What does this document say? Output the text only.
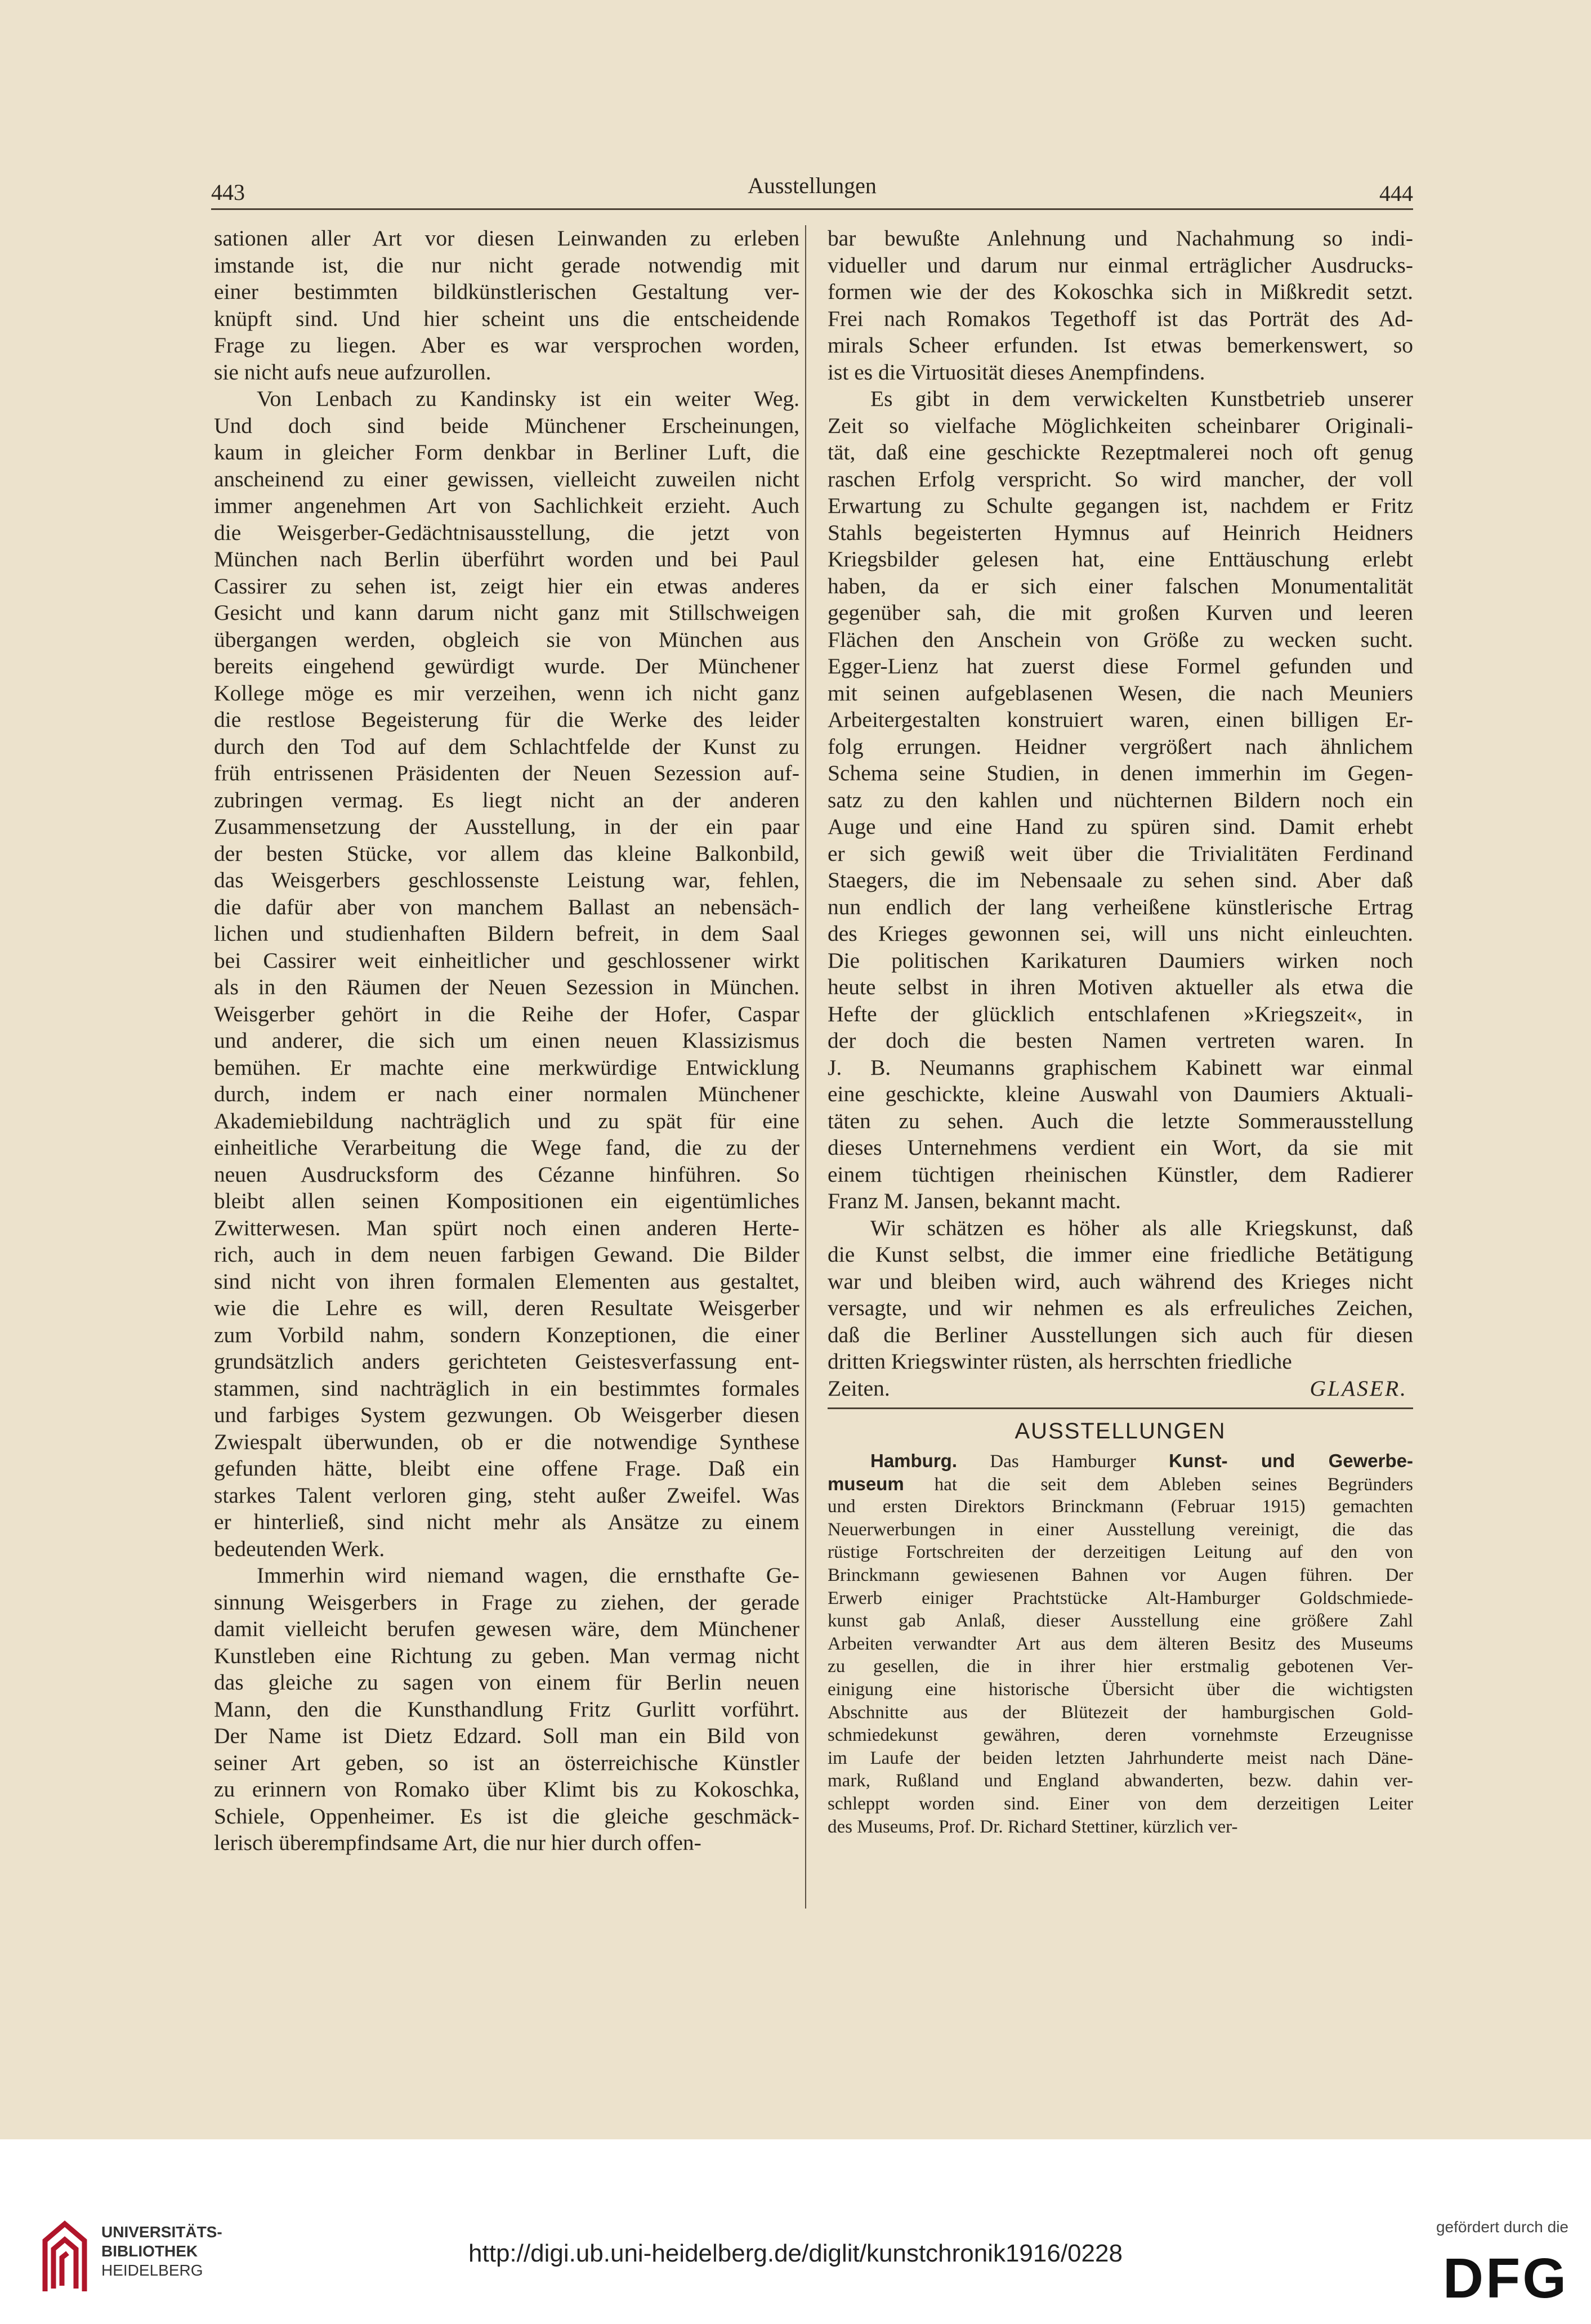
443	Ausstellungen	444
sationen aller Art vor diesen Leinwanden zu erleben
imstande ist, die nur nicht gerade notwendig mit
einer bestimmten bildkünstlerischen Gestaltung ver-
knüpft sind. Und hier scheint uns die entscheidende
Frage zu liegen. Aber es war versprochen worden,
sie nicht aufs neue aufzurollen.
Von Lenbach zu Kandinsky ist ein weiter Weg.
Und doch sind beide Münchener Erscheinungen,
kaum in gleicher Form denkbar in Berliner Luft, die
anscheinend zu einer gewissen, vielleicht zuweilen nicht
immer angenehmen Art von Sachlichkeit erzieht. Auch
die Weisgerber-Gedächtnisausstellung, die jetzt von
München nach Berlin überführt worden und bei Paul
Cassirer zu sehen ist, zeigt hier ein etwas anderes
Gesicht und kann darum nicht ganz mit Stillschweigen
übergangen werden, obgleich sie von München aus
bereits eingehend gewürdigt wurde. Der Münchener
Kollege möge es mir verzeihen, wenn ich nicht ganz
die restlose Begeisterung für die Werke des leider
durch den Tod auf dem Schlachtfelde der Kunst zu
früh entrissenen Präsidenten der Neuen Sezession auf-
zubringen vermag. Es liegt nicht an der anderen
Zusammensetzung der Ausstellung, in der ein paar
der besten Stücke, vor allem das kleine Balkonbild,
das Weisgerbers geschlossenste Leistung war, fehlen,
die dafür aber von manchem Ballast an nebensäch-
lichen und studienhaften Bildern befreit, in dem Saal
bei Cassirer weit einheitlicher und geschlossener wirkt
als in den Räumen der Neuen Sezession in München.
Weisgerber gehört in die Reihe der Hofer, Caspar
und anderer, die sich um einen neuen Klassizismus
bemühen. Er machte eine merkwürdige Entwicklung
durch, indem er nach einer normalen Münchener
Akademiebildung nachträglich und zu spät für eine
einheitliche Verarbeitung die Wege fand, die zu der
neuen Ausdrucksform des Cézanne hinführen. So
bleibt allen seinen Kompositionen ein eigentümliches
Zwitterwesen. Man spürt noch einen anderen Herte-
rich, auch in dem neuen farbigen Gewand. Die Bilder
sind nicht von ihren formalen Elementen aus gestaltet,
wie die Lehre es will, deren Resultate Weisgerber
zum Vorbild nahm, sondern Konzeptionen, die einer
grundsätzlich anders gerichteten Geistesverfassung ent-
stammen, sind nachträglich in ein bestimmtes formales
und farbiges System gezwungen. Ob Weisgerber diesen
Zwiespalt überwunden, ob er die notwendige Synthese
gefunden hätte, bleibt eine offene Frage. Daß ein
starkes Talent verloren ging, steht außer Zweifel. Was
er hinterließ, sind nicht mehr als Ansätze zu einem
bedeutenden Werk.
Immerhin wird niemand wagen, die ernsthafte Ge-
sinnung Weisgerbers in Frage zu ziehen, der gerade
damit vielleicht berufen gewesen wäre, dem Münchener
Kunstleben eine Richtung zu geben. Man vermag nicht
das gleiche zu sagen von einem für Berlin neuen
Mann, den die Kunsthandlung Fritz Gurlitt vorführt.
Der Name ist Dietz Edzard. Soll man ein Bild von
seiner Art geben, so ist an österreichische Künstler
zu erinnern von Romako über Klimt bis zu Kokoschka,
Schiele, Oppenheimer. Es ist die gleiche geschmäck-
lerisch überempfindsame Art, die nur hier durch offen-
bar bewußte Anlehnung und Nachahmung so indi-
vidueller und darum nur einmal erträglicher Ausdrucks-
formen wie der des Kokoschka sich in Mißkredit setzt.
Frei nach Romakos Tegethoff ist das Porträt des Ad-
mirals Scheer erfunden. Ist etwas bemerkenswert, so
ist es die Virtuosität dieses Anempfindens.
Es gibt in dem verwickelten Kunstbetrieb unserer
Zeit so vielfache Möglichkeiten scheinbarer Originali-
tät, daß eine geschickte Rezeptmalerei noch oft genug
raschen Erfolg verspricht. So wird mancher, der voll
Erwartung zu Schulte gegangen ist, nachdem er Fritz
Stahls begeisterten Hymnus auf Heinrich Heidners
Kriegsbilder gelesen hat, eine Enttäuschung erlebt
haben, da er sich einer falschen Monumentalität
gegenüber sah, die mit großen Kurven und leeren
Flächen den Anschein von Größe zu wecken sucht.
Egger-Lienz hat zuerst diese Formel gefunden und
mit seinen aufgeblasenen Wesen, die nach Meuniers
Arbeitergestalten konstruiert waren, einen billigen Er-
folg errungen. Heidner vergrößert nach ähnlichem
Schema seine Studien, in denen immerhin im Gegen-
satz zu den kahlen und nüchternen Bildern noch ein
Auge und eine Hand zu spüren sind. Damit erhebt
er sich gewiß weit über die Trivialitäten Ferdinand
Staegers, die im Nebensaale zu sehen sind. Aber daß
nun endlich der lang verheißene künstlerische Ertrag
des Krieges gewonnen sei, will uns nicht einleuchten.
Die politischen Karikaturen Daumiers wirken noch
heute selbst in ihren Motiven aktueller als etwa die
Hefte der glücklich entschlafenen »Kriegszeit«, in
der doch die besten Namen vertreten waren. In
J. B. Neumanns graphischem Kabinett war einmal
eine geschickte, kleine Auswahl von Daumiers Aktuali-
täten zu sehen. Auch die letzte Sommerausstellung
dieses Unternehmens verdient ein Wort, da sie mit
einem tüchtigen rheinischen Künstler, dem Radierer
Franz M. Jansen, bekannt macht.
Wir schätzen es höher als alle Kriegskunst, daß
die Kunst selbst, die immer eine friedliche Betätigung
war und bleiben wird, auch während des Krieges nicht
versagte, und wir nehmen es als erfreuliches Zeichen,
daß die Berliner Ausstellungen sich auch für diesen
dritten Kriegswinter rüsten, als herrschten friedliche
Zeiten.	GLASER.
AUSSTELLUNGEN
Hamburg. Das Hamburger Kunst- und Gewerbe-
museum hat die seit dem Ableben seines Begründers
und ersten Direktors Brinckmann (Februar 1915) gemachten
Neuerwerbungen in einer Ausstellung vereinigt, die das
rüstige Fortschreiten der derzeitigen Leitung auf den von
Brinckmann gewiesenen Bahnen vor Augen führen. Der
Erwerb einiger Prachtstücke Alt-Hamburger Goldschmiede-
kunst gab Anlaß, dieser Ausstellung eine größere Zahl
Arbeiten verwandter Art aus dem älteren Besitz des Museums
zu gesellen, die in ihrer hier erstmalig gebotenen Ver-
einigung eine historische Übersicht über die wichtigsten
Abschnitte aus der Blütezeit der hamburgischen Gold-
schmiedekunst gewähren, deren vornehmste Erzeugnisse
im Laufe der beiden letzten Jahrhunderte meist nach Däne-
mark, Rußland und England abwanderten, bezw. dahin ver-
schleppt worden sind. Einer von dem derzeitigen Leiter
des Museums, Prof. Dr. Richard Stettiner, kürzlich ver-
UNIVERSITÄTS-
BIBLIOTHEK
HEIDELBERG
http://digi.ub.uni-heidelberg.de/diglit/kunstchronik1916/0228
gefördert durch die
DFG
